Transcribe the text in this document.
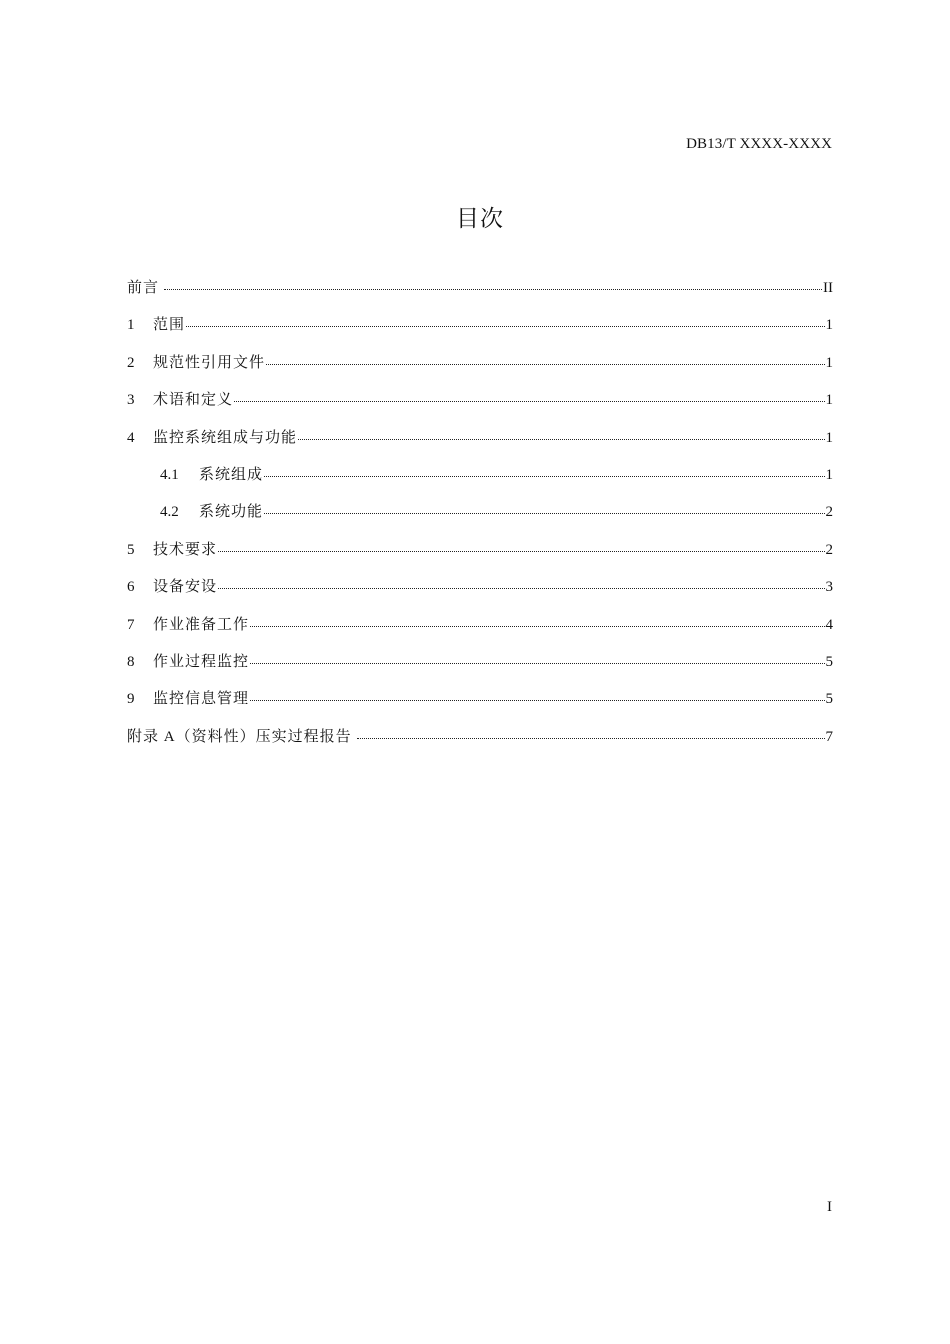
DB13/T XXXX-XXXX
目次
前言	II
1	范围	1
2	规范性引用文件	1
3	术语和定义	1
4	监控系统组成与功能	1
4.1	系统组成	1
4.2	系统功能	2
5	技术要求	2
6	设备安设	3
7	作业准备工作	4
8	作业过程监控	5
9	监控信息管理	5
附录 A（资料性）压实过程报告	7
I
